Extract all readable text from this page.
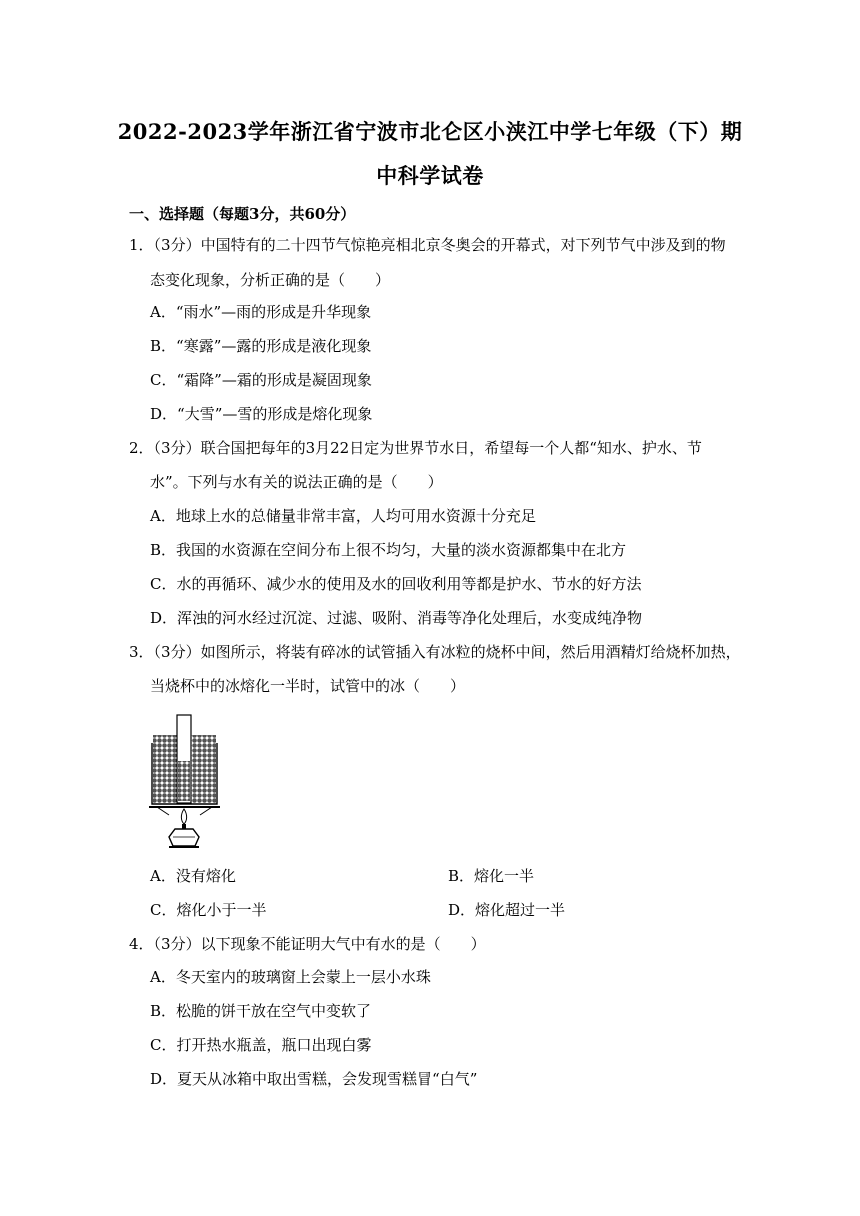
2022-2023学年浙江省宁波市北仑区小浃江中学七年级（下）期
中科学试卷
一、选择题（每题3分，共60分）
1．（3分）中国特有的二十四节气惊艳亮相北京冬奥会的开幕式，对下列节气中涉及到的物
态变化现象，分析正确的是（　　）
A．“雨水”—雨的形成是升华现象
B．“寒露”—露的形成是液化现象
C．“霜降”—霜的形成是凝固现象
D．“大雪”—雪的形成是熔化现象
2．（3分）联合国把每年的3月22日定为世界节水日，希望每一个人都“知水、护水、节
水”。下列与水有关的说法正确的是（　　）
A．地球上水的总储量非常丰富，人均可用水资源十分充足
B．我国的水资源在空间分布上很不均匀，大量的淡水资源都集中在北方
C．水的再循环、减少水的使用及水的回收利用等都是护水、节水的好方法
D．浑浊的河水经过沉淀、过滤、吸附、消毒等净化处理后，水变成纯净物
3．（3分）如图所示，将装有碎冰的试管插入有冰粒的烧杯中间，然后用酒精灯给烧杯加热，
当烧杯中的冰熔化一半时，试管中的冰（　　）
A．没有熔化	B．熔化一半
C．熔化小于一半	D．熔化超过一半
4．（3分）以下现象不能证明大气中有水的是（　　）
A．冬天室内的玻璃窗上会蒙上一层小水珠
B．松脆的饼干放在空气中变软了
C．打开热水瓶盖，瓶口出现白雾
D．夏天从冰箱中取出雪糕，会发现雪糕冒“白气”
